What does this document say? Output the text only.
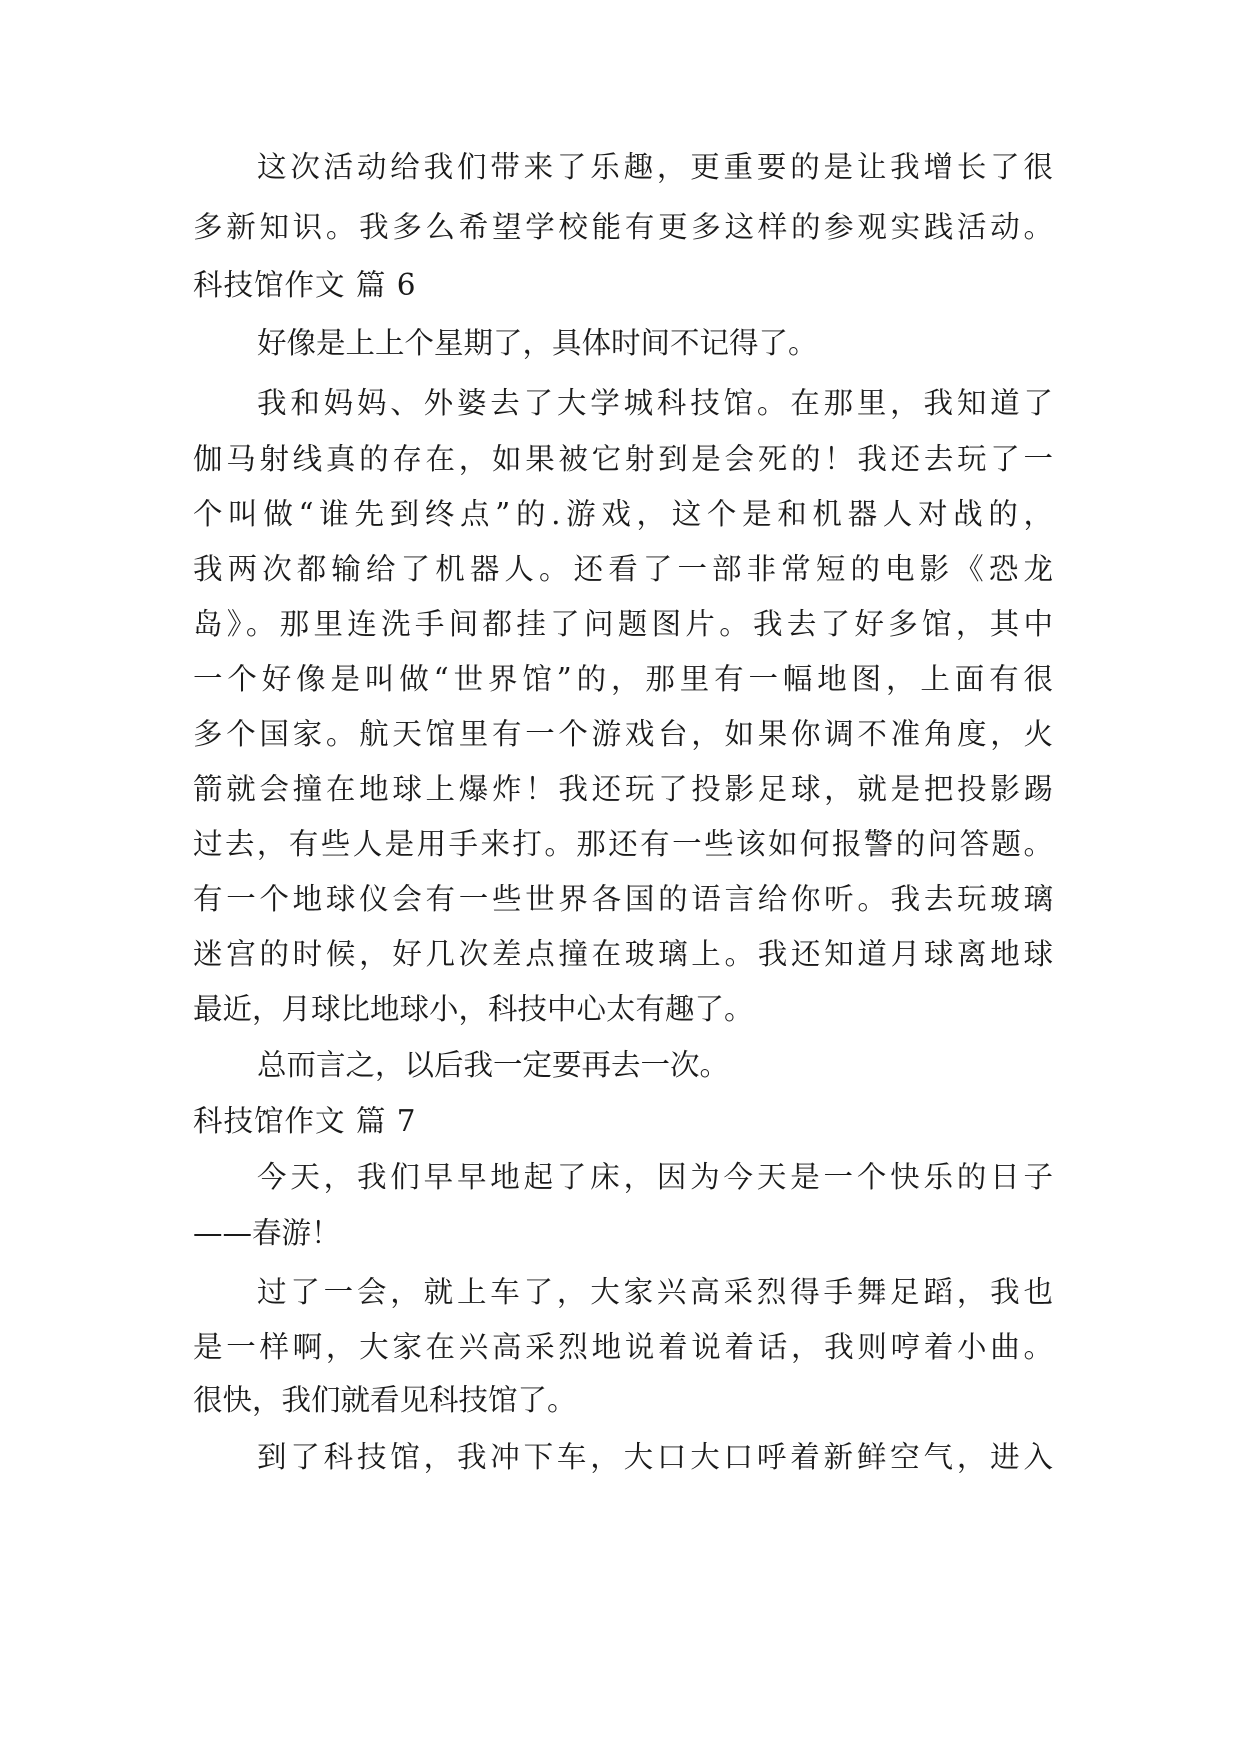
这次活动给我们带来了乐趣，更重要的是让我增长了很
多新知识。我多么希望学校能有更多这样的参观实践活动。
科技馆作文 篇 6
好像是上上个星期了，具体时间不记得了。
我和妈妈、外婆去了大学城科技馆。在那里，我知道了
伽马射线真的存在，如果被它射到是会死的！我还去玩了一
个叫做“谁先到终点”的.游戏，这个是和机器人对战的，
我两次都输给了机器人。还看了一部非常短的电影《恐龙
岛》。那里连洗手间都挂了问题图片。我去了好多馆，其中
一个好像是叫做“世界馆”的，那里有一幅地图，上面有很
多个国家。航天馆里有一个游戏台，如果你调不准角度，火
箭就会撞在地球上爆炸！我还玩了投影足球，就是把投影踢
过去，有些人是用手来打。那还有一些该如何报警的问答题。
有一个地球仪会有一些世界各国的语言给你听。我去玩玻璃
迷宫的时候，好几次差点撞在玻璃上。我还知道月球离地球
最近，月球比地球小，科技中心太有趣了。
总而言之，以后我一定要再去一次。
科技馆作文 篇 7
今天，我们早早地起了床，因为今天是一个快乐的日子
——春游！
过了一会，就上车了，大家兴高采烈得手舞足蹈，我也
是一样啊，大家在兴高采烈地说着说着话，我则哼着小曲。
很快，我们就看见科技馆了。
到了科技馆，我冲下车，大口大口呼着新鲜空气，进入
